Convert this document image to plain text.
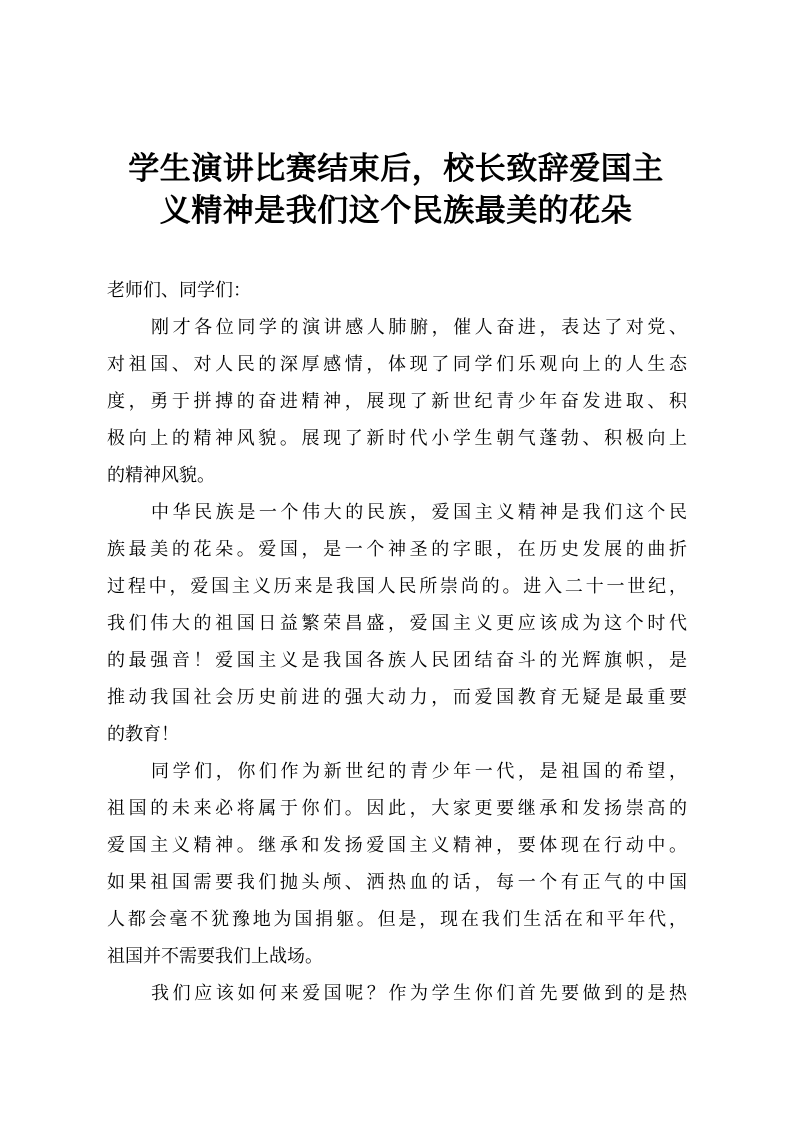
学生演讲比赛结束后，校长致辞爱国主
义精神是我们这个民族最美的花朵
老师们、同学们：
刚才各位同学的演讲感人肺腑，催人奋进，表达了对党、
对祖国、对人民的深厚感情，体现了同学们乐观向上的人生态
度，勇于拼搏的奋进精神，展现了新世纪青少年奋发进取、积
极向上的精神风貌。展现了新时代小学生朝气蓬勃、积极向上
的精神风貌。
中华民族是一个伟大的民族，爱国主义精神是我们这个民
族最美的花朵。爱国，是一个神圣的字眼，在历史发展的曲折
过程中，爱国主义历来是我国人民所崇尚的。进入二十一世纪，
我们伟大的祖国日益繁荣昌盛，爱国主义更应该成为这个时代
的最强音！爱国主义是我国各族人民团结奋斗的光辉旗帜，是
推动我国社会历史前进的强大动力，而爱国教育无疑是最重要
的教育！
同学们，你们作为新世纪的青少年一代，是祖国的希望，
祖国的未来必将属于你们。因此，大家更要继承和发扬崇高的
爱国主义精神。继承和发扬爱国主义精神，要体现在行动中。
如果祖国需要我们抛头颅、洒热血的话，每一个有正气的中国
人都会毫不犹豫地为国捐躯。但是，现在我们生活在和平年代，
祖国并不需要我们上战场。
我们应该如何来爱国呢？作为学生你们首先要做到的是热
